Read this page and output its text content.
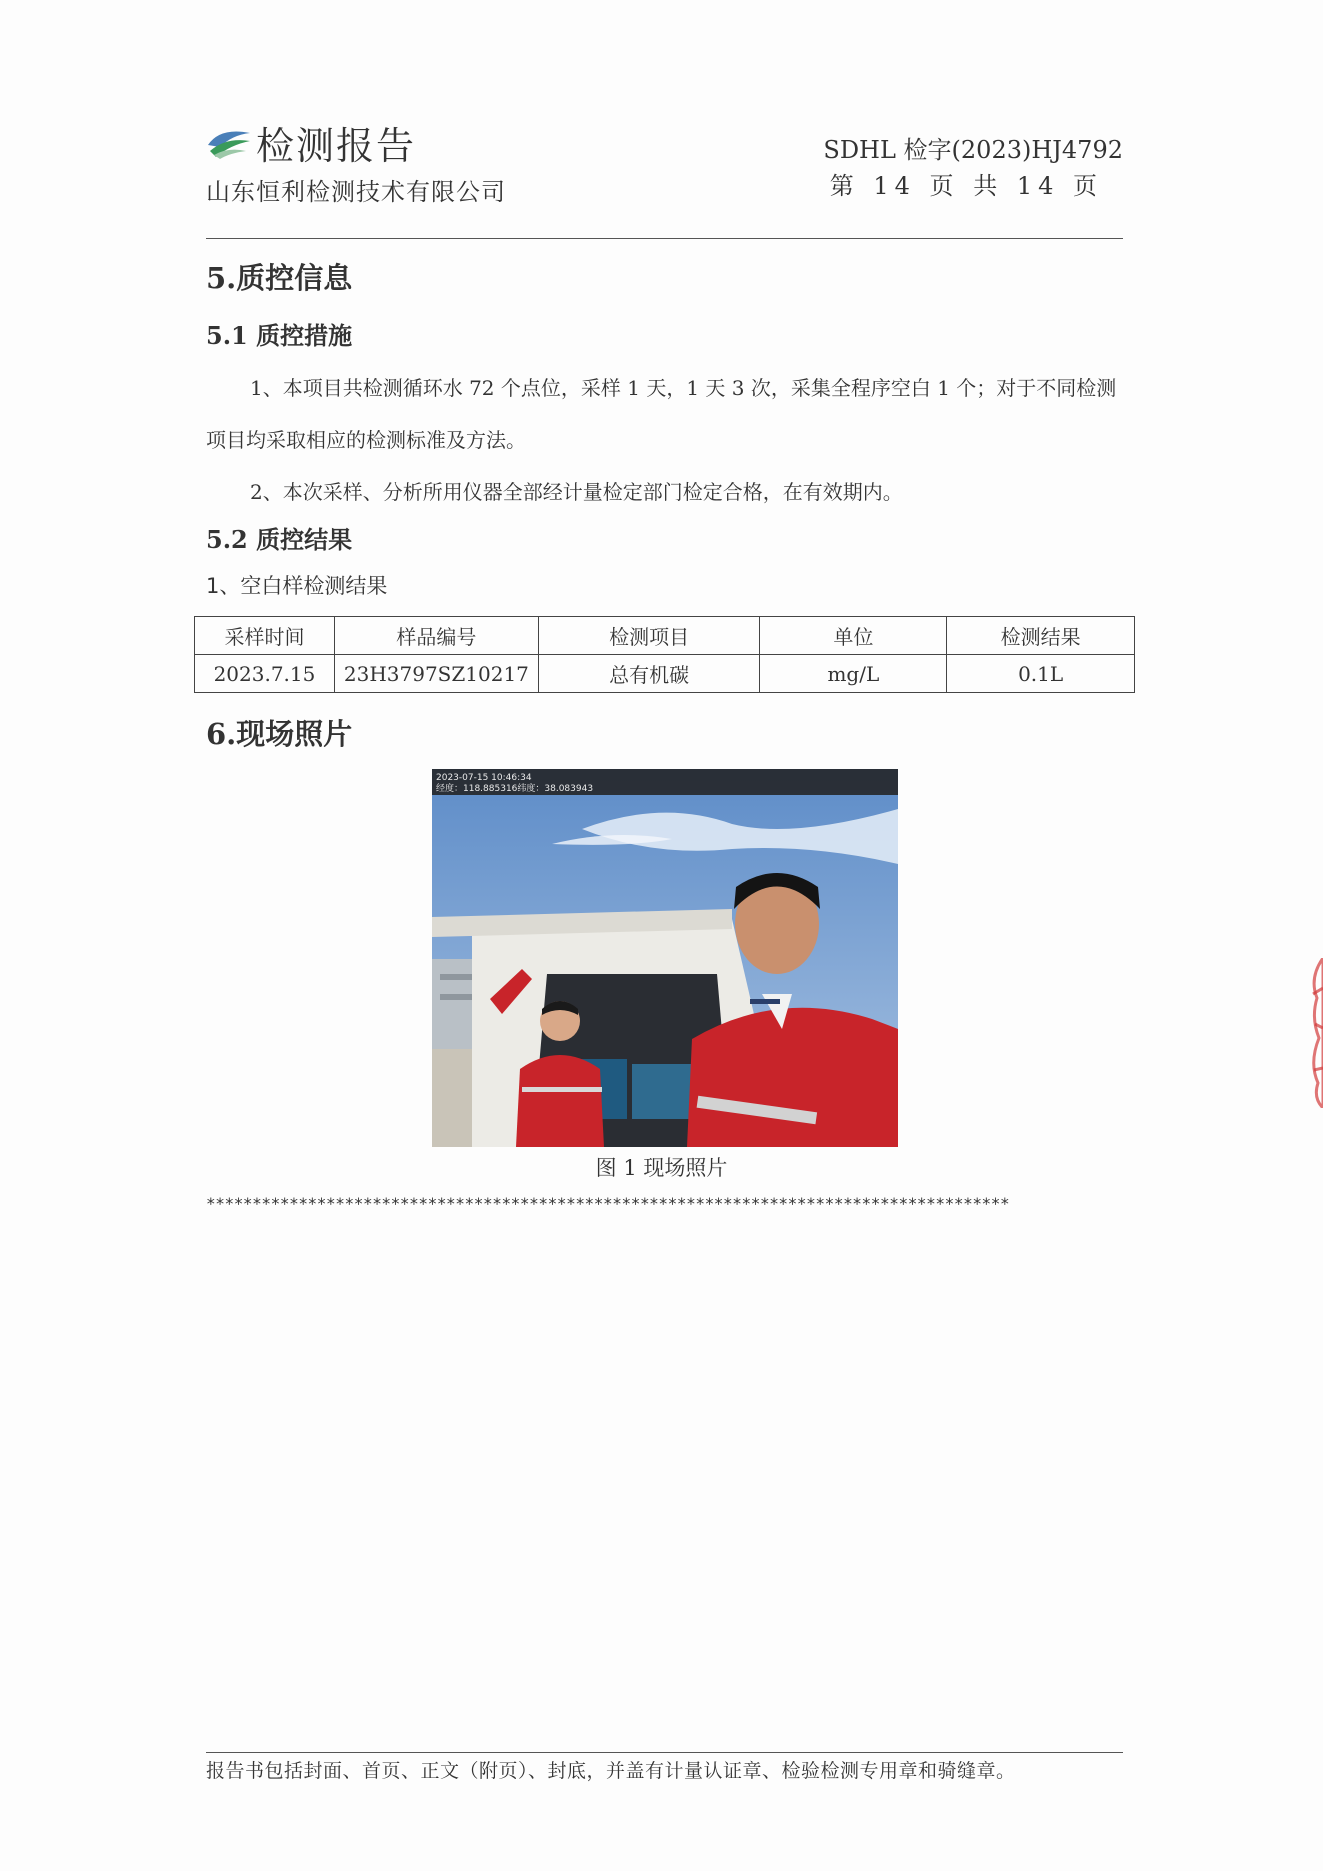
检测报告
山东恒利检测技术有限公司
SDHL 检字(2023)HJ4792
第 14 页 共 14 页
5.质控信息
5.1 质控措施
1、本项目共检测循环水 72 个点位，采样 1 天，1 天 3 次，采集全程序空白 1 个；对于不同检测项目均采取相应的检测标准及方法。
2、本次采样、分析所用仪器全部经计量检定部门检定合格，在有效期内。
5.2 质控结果
1、空白样检测结果
采样时间	样品编号	检测项目	单位	检测结果
2023.7.15	23H3797SZ10217	总有机碳	mg/L	0.1L
6.现场照片
2023-07-15 10:46:34
经度：118.885316纬度：38.083943
图 1 现场照片
***************************************************************************************
报告书包括封面、首页、正文（附页）、封底，并盖有计量认证章、检验检测专用章和骑缝章。
